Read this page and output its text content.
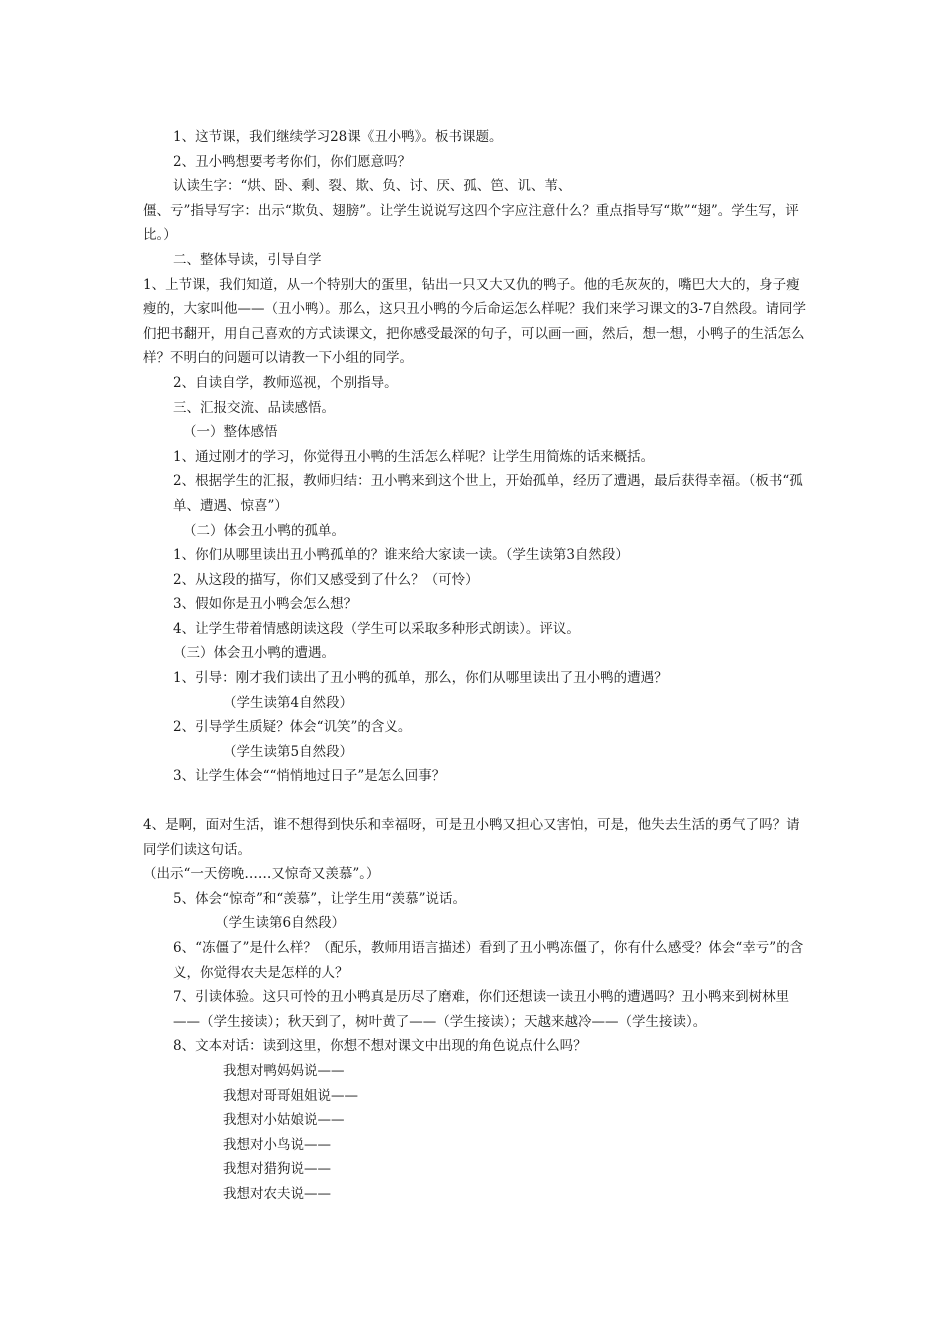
1、这节课，我们继续学习28课《丑小鸭》。板书课题。

2、丑小鸭想要考考你们，你们愿意吗？

认读生字：“烘、卧、剩、裂、欺、负、讨、厌、孤、笆、讥、苇、

僵、亏”指导写字：出示“欺负、翅膀”。让学生说说写这四个字应注意什么？重点指导写“欺”“翅”。学生写，评比。）

二、整体导读，引导自学

1、上节课，我们知道，从一个特别大的蛋里，钻出一只又大又仇的鸭子。他的毛灰灰的，嘴巴大大的，身子瘦瘦的，大家叫他——（丑小鸭）。那么，这只丑小鸭的今后命运怎么样呢？我们来学习课文的3-7自然段。请同学们把书翻开，用自己喜欢的方式读课文，把你感受最深的句子，可以画一画，然后，想一想，小鸭子的生活怎么样？不明白的问题可以请教一下小组的同学。

2、自读自学，教师巡视，个别指导。

三、汇报交流、品读感悟。

（一）整体感悟

1、通过刚才的学习，你觉得丑小鸭的生活怎么样呢？让学生用简炼的话来概括。

2、根据学生的汇报，教师归结：丑小鸭来到这个世上，开始孤单，经历了遭遇，最后获得幸福。（板书“孤单、遭遇、惊喜”）

（二）体会丑小鸭的孤单。

1、你们从哪里读出丑小鸭孤单的？谁来给大家读一读。（学生读第3自然段）

2、从这段的描写，你们又感受到了什么？（可怜）

3、假如你是丑小鸭会怎么想？

4、让学生带着情感朗读这段（学生可以采取多种形式朗读）。评议。

（三）体会丑小鸭的遭遇。

1、引导：刚才我们读出了丑小鸭的孤单，那么，你们从哪里读出了丑小鸭的遭遇？

（学生读第4自然段）

2、引导学生质疑？体会“讥笑”的含义。

（学生读第5自然段）

3、让学生体会““悄悄地过日子”是怎么回事？

4、是啊，面对生活，谁不想得到快乐和幸福呀，可是丑小鸭又担心又害怕，可是，他失去生活的勇气了吗？请同学们读这句话。

（出示“一天傍晚……又惊奇又羡慕”。）

5、体会“惊奇”和“羡慕”，让学生用“羡慕”说话。

（学生读第6自然段）

6、“冻僵了”是什么样？（配乐，教师用语言描述）看到了丑小鸭冻僵了，你有什么感受？体会“幸亏”的含义，你觉得农夫是怎样的人？

7、引读体验。这只可怜的丑小鸭真是历尽了磨难，你们还想读一读丑小鸭的遭遇吗？丑小鸭来到树林里——（学生接读）；秋天到了，树叶黄了——（学生接读）；天越来越冷——（学生接读）。

8、文本对话：读到这里，你想不想对课文中出现的角色说点什么吗？

我想对鸭妈妈说——

我想对哥哥姐姐说——

我想对小姑娘说——

我想对小鸟说——

我想对猎狗说——

我想对农夫说——
